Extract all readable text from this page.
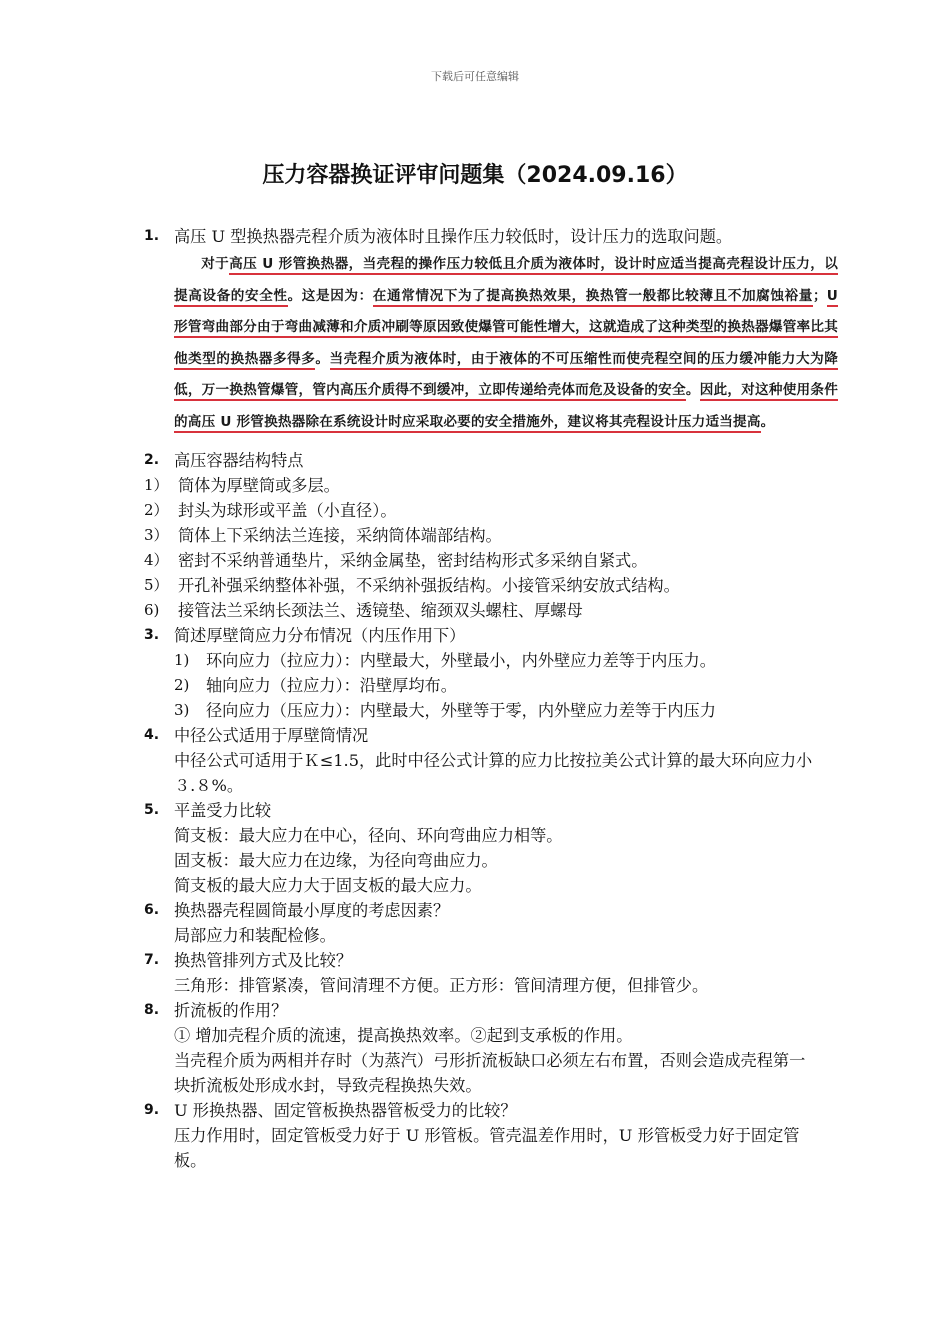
下载后可任意编辑
压力容器换证评审问题集（2024.09.16）
1. 高压 U 型换热器壳程介质为液体时且操作压力较低时，设计压力的选取问题。
对于高压 U 形管换热器，当壳程的操作压力较低且介质为液体时，设计时应适当提高壳程设计压力，以提高设备的安全性。这是因为：在通常情况下为了提高换热效果，换热管一般都比较薄且不加腐蚀裕量；U 形管弯曲部分由于弯曲减薄和介质冲刷等原因致使爆管可能性增大，这就造成了这种类型的换热器爆管率比其他类型的换热器多得多。当壳程介质为液体时，由于液体的不可压缩性而使壳程空间的压力缓冲能力大为降低，万一换热管爆管，管内高压介质得不到缓冲，立即传递给壳体而危及设备的安全。因此，对这种使用条件的高压 U 形管换热器除在系统设计时应采取必要的安全措施外，建议将其壳程设计压力适当提高。
2. 高压容器结构特点
1） 筒体为厚壁筒或多层。
2） 封头为球形或平盖（小直径）。
3） 筒体上下采纳法兰连接，采纳筒体端部结构。
4） 密封不采纳普通垫片，采纳金属垫，密封结构形式多采纳自紧式。
5） 开孔补强采纳整体补强，不采纳补强扳结构。小接管采纳安放式结构。
6) 接管法兰采纳长颈法兰、透镜垫、缩颈双头螺柱、厚螺母
3. 简述厚壁筒应力分布情况（内压作用下）
1) 环向应力（拉应力）：内壁最大，外壁最小，内外壁应力差等于内压力。
2) 轴向应力（拉应力）：沿壁厚均布。
3) 径向应力（压应力）：内壁最大，外壁等于零，内外壁应力差等于内压力
4. 中径公式适用于厚壁筒情况
中径公式可适用于Ｋ≤1.5，此时中径公式计算的应力比按拉美公式计算的最大环向应力小３.８%。
5. 平盖受力比较
简支板：最大应力在中心，径向、环向弯曲应力相等。
固支板：最大应力在边缘，为径向弯曲应力。
简支板的最大应力大于固支板的最大应力。
6. 换热器壳程圆筒最小厚度的考虑因素？
局部应力和装配检修。
7. 换热管排列方式及比较？
三角形：排管紧凑，管间清理不方便。正方形：管间清理方便，但排管少。
8. 折流板的作用？
① 增加壳程介质的流速，提高换热效率。②起到支承板的作用。
当壳程介质为两相并存时（为蒸汽）弓形折流板缺口必须左右布置，否则会造成壳程第一块折流板处形成水封，导致壳程换热失效。
9. U 形换热器、固定管板换热器管板受力的比较？
压力作用时，固定管板受力好于 U 形管板。管壳温差作用时，U 形管板受力好于固定管板。
